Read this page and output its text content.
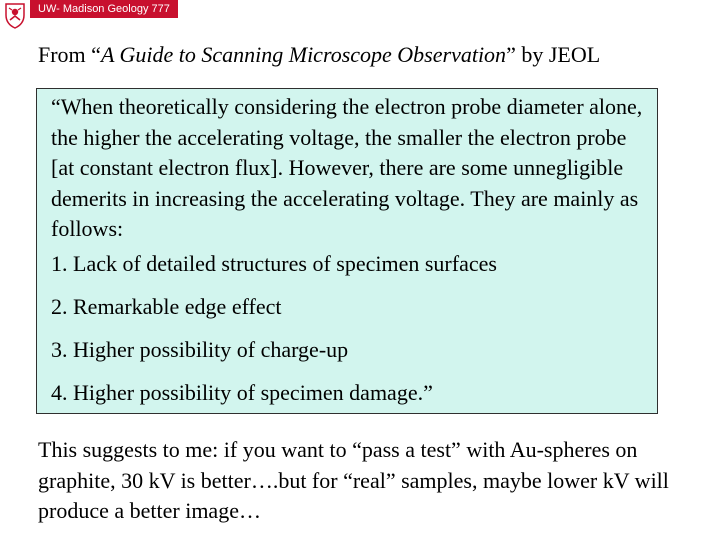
UW- Madison Geology 777
From “A Guide to Scanning Microscope Observation” by JEOL

“When theoretically considering the electron probe diameter alone, the higher the accelerating voltage, the smaller the electron probe [at constant electron flux]. However, there are some unnegligible demerits in increasing the accelerating voltage. They are mainly as follows:

1. Lack of detailed structures of specimen surfaces
2. Remarkable edge effect
3. Higher possibility of charge-up
4. Higher possibility of specimen damage.”

This suggests to me: if you want to “pass a test” with Au-spheres on graphite, 30 kV is better….but for “real” samples, maybe lower kV will produce a better image…
